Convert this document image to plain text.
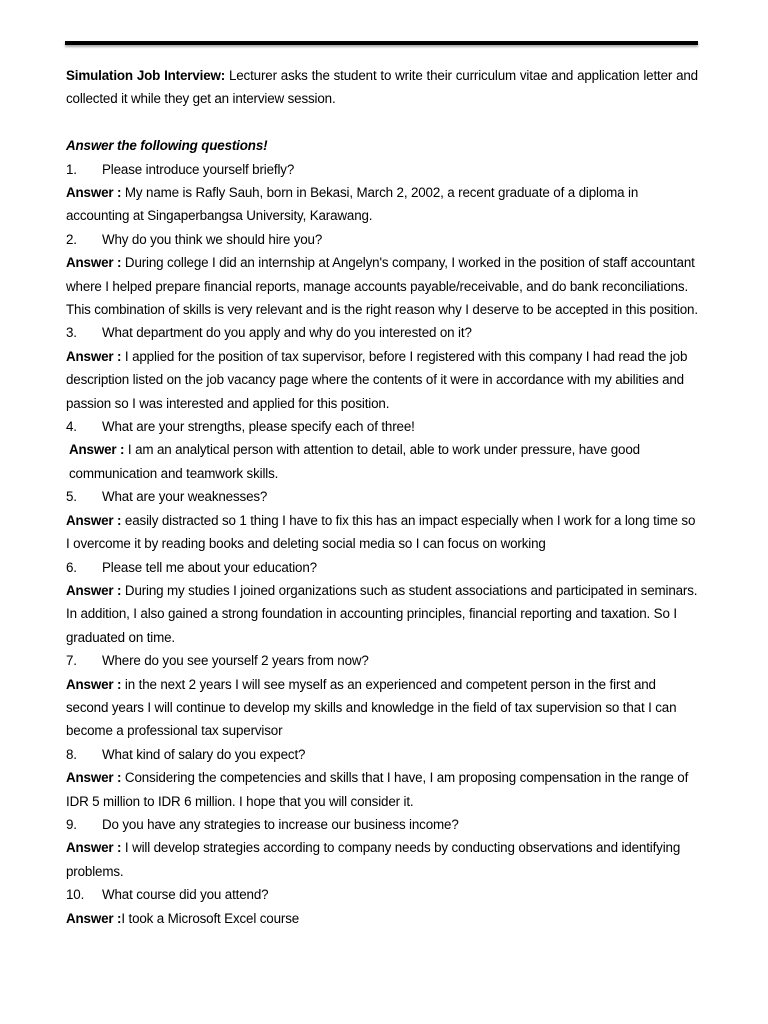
Simulation Job Interview: Lecturer asks the student to write their curriculum vitae and application letter and collected it while they get an interview session.

Answer the following questions!

1.	Please introduce yourself briefly?

Answer : My name is Rafly Sauh, born in Bekasi, March 2, 2002, a recent graduate of a diploma in accounting at Singaperbangsa University, Karawang.

2.	Why do you think we should hire you?

Answer : During college I did an internship at Angelyn's company, I worked in the position of staff accountant where I helped prepare financial reports, manage accounts payable/receivable, and do bank reconciliations. This combination of skills is very relevant and is the right reason why I deserve to be accepted in this position.

3.	What department do you apply and why do you interested on it?

Answer : I applied for the position of tax supervisor, before I registered with this company I had read the job description listed on the job vacancy page where the contents of it were in accordance with my abilities and passion so I was interested and applied for this position.

4.	What are your strengths, please specify each of three!

Answer : I am an analytical person with attention to detail, able to work under pressure, have good communication and teamwork skills.

5.	What are your weaknesses?

Answer : easily distracted so 1 thing I have to fix this has an impact especially when I work for a long time so I overcome it by reading books and deleting social media so I can focus on working

6.	Please tell me about your education?

Answer : During my studies I joined organizations such as student associations and participated in seminars. In addition, I also gained a strong foundation in accounting principles, financial reporting and taxation. So I graduated on time.

7.	Where do you see yourself 2 years from now?

Answer : in the next 2 years I will see myself as an experienced and competent person in the first and second years I will continue to develop my skills and knowledge in the field of tax supervision so that I can become a professional tax supervisor

8.	What kind of salary do you expect?

Answer : Considering the competencies and skills that I have, I am proposing compensation in the range of IDR 5 million to IDR 6 million. I hope that you will consider it.

9.	Do you have any strategies to increase our business income?

Answer : I will develop strategies according to company needs by conducting observations and identifying problems.

10.	What course did you attend?

Answer :I took a Microsoft Excel course
